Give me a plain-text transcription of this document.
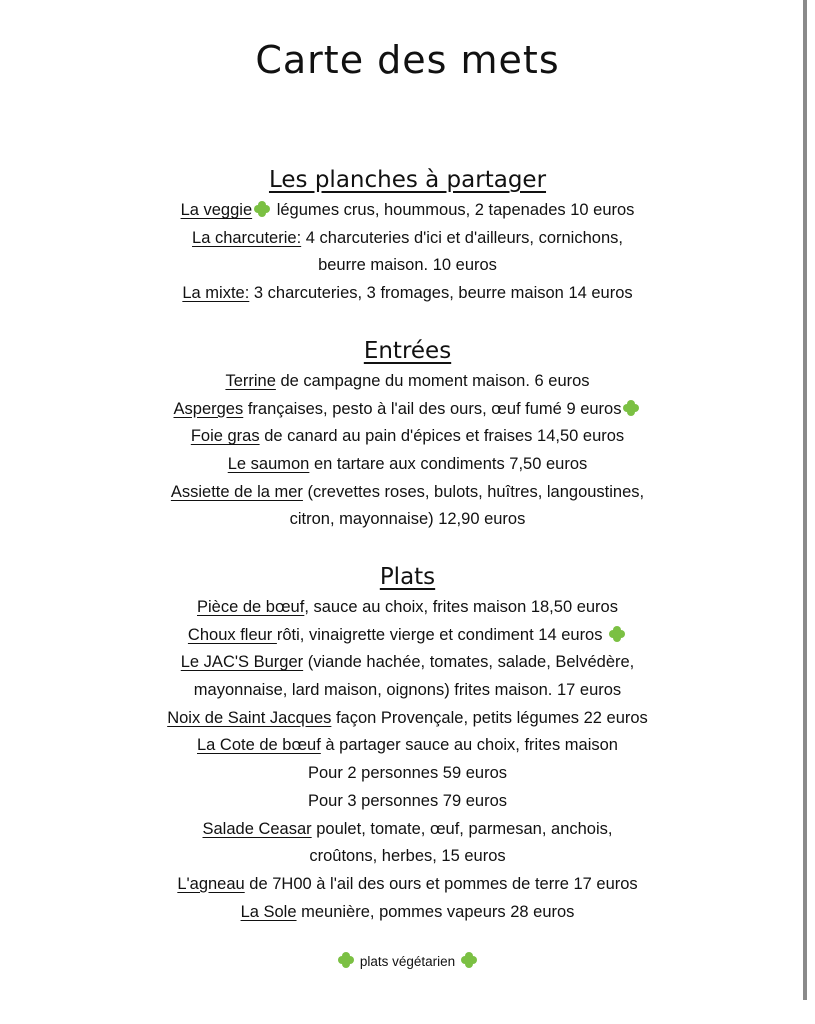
Carte des mets
Les planches à partager
La veggie
légumes crus, hoummous, 2 tapenades 10 euros
La charcuterie: 4 charcuteries d'ici et d'ailleurs, cornichons,
beurre maison. 10 euros
La mixte: 3 charcuteries, 3 fromages, beurre maison 14 euros
Entrées
Terrine de campagne du moment maison. 6 euros
Asperges françaises, pesto à l'ail des ours, œuf fumé 9 euros
Foie gras de canard au pain d'épices et fraises 14,50 euros
Le saumon en tartare aux condiments 7,50 euros
Assiette de la mer (crevettes roses, bulots, huîtres, langoustines,
citron, mayonnaise) 12,90 euros
Plats
Pièce de bœuf, sauce au choix, frites maison 18,50 euros
Choux fleur rôti, vinaigrette vierge et condiment 14 euros
Le JAC'S Burger (viande hachée, tomates, salade, Belvédère,
mayonnaise, lard maison, oignons) frites maison. 17 euros
Noix de Saint Jacques façon Provençale, petits légumes 22 euros
La Cote de bœuf à partager sauce au choix, frites maison
Pour 2 personnes 59 euros
Pour 3 personnes 79 euros
Salade Ceasar poulet, tomate, œuf, parmesan, anchois,
croûtons, herbes, 15 euros
L'agneau de 7H00 à l'ail des ours et pommes de terre 17 euros
La Sole meunière, pommes vapeurs 28 euros
plats végétarien
